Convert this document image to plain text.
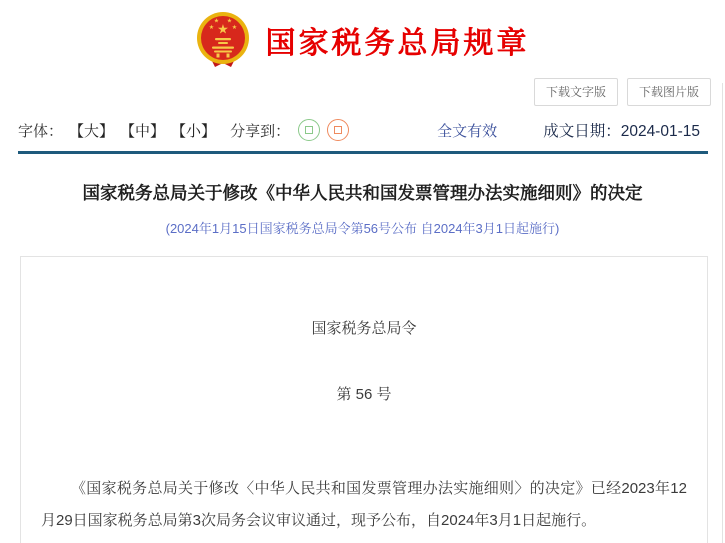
★
★
★ ★
★ 国家税务总局规章
下载文字版	下载图片版
字体： 【大】 【中】 【小】 分享到：	全文有效	成文日期：2024-01-15
国家税务总局关于修改《中华人民共和国发票管理办法实施细则》的决定
(2024年1月15日国家税务总局令第56号公布 自2024年3月1日起施行)
国家税务总局令
第 56 号
《国家税务总局关于修改〈中华人民共和国发票管理办法实施细则〉的决定》已经2023年12月29日国家税务总局第3次局务会议审议通过，现予公布，自2024年3月1日起施行。
